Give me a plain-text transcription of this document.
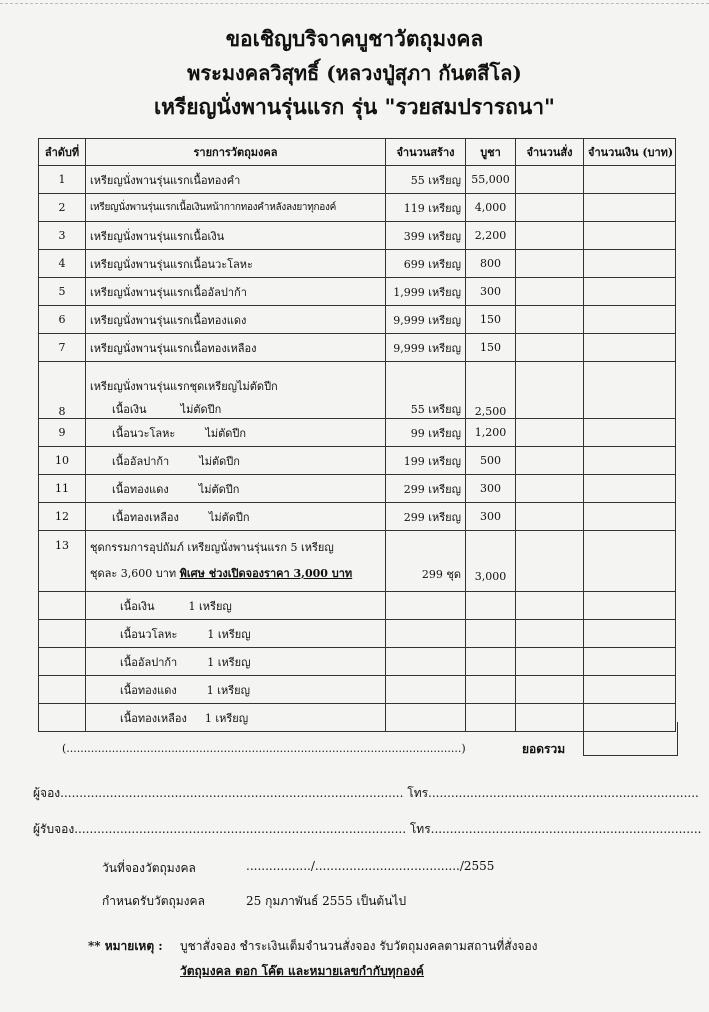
ขอเชิญบริจาคบูชาวัตถุมงคล
พระมงคลวิสุทธิ์ (หลวงปู่สุภา กันตสีโล)
เหรียญนั่งพานรุ่นแรก รุ่น "รวยสมปรารถนา"
ลำดับที่	รายการวัตถุมงคล	จำนวนสร้าง	บูชา	จำนวนสั่ง	จำนวนเงิน (บาท)
1	เหรียญนั่งพานรุ่นแรกเนื้อทองคำ	55 เหรียญ	55,000		
2	เหรียญนั่งพานรุ่นแรกเนื้อเงินหน้ากากทองคำหลังลงยาทุกองค์	119 เหรียญ	4,000		
3	เหรียญนั่งพานรุ่นแรกเนื้อเงิน	399 เหรียญ	2,200		
4	เหรียญนั่งพานรุ่นแรกเนื้อนวะโลหะ	699 เหรียญ	800		
5	เหรียญนั่งพานรุ่นแรกเนื้ออัลปาก้า	1,999 เหรียญ	300		
6	เหรียญนั่งพานรุ่นแรกเนื้อทองแดง	9,999 เหรียญ	150		
7	เหรียญนั่งพานรุ่นแรกเนื้อทองเหลือง	9,999 เหรียญ	150		
8	เหรียญนั่งพานรุ่นแรกชุดเหรียญไม่ตัดปีก
เนื้อเงิน ไม่ตัดปีก	55 เหรียญ	2,500		
9	เนื้อนวะโลหะ ไม่ตัดปีก	99 เหรียญ	1,200		
10	เนื้ออัลปาก้า ไม่ตัดปีก	199 เหรียญ	500		
11	เนื้อทองแดง ไม่ตัดปีก	299 เหรียญ	300		
12	เนื้อทองเหลือง ไม่ตัดปีก	299 เหรียญ	300		
13	ชุดกรรมการอุปถัมภ์ เหรียญนั่งพานรุ่นแรก 5 เหรียญ
ชุดละ 3,600 บาท พิเศษ ช่วงเปิดจองราคา 3,000 บาท	299 ชุด	3,000		
	เนื้อเงิน 1 เหรียญ				
	เนื้อนวโลหะ 1 เหรียญ				
	เนื้ออัลปาก้า 1 เหรียญ				
	เนื้อทองแดง 1 เหรียญ				
	เนื้อทองเหลือง 1 เหรียญ				
(.................................................................................................................)	ยอดรวม
ผู้จอง.......................................................................................... โทร.......................................................................
ผู้รับจอง....................................................................................... โทร.......................................................................
วันที่จองวัตถุมงคล	................./....................................../2555
กำหนดรับวัตถุมงคล	25 กุมภาพันธ์ 2555 เป็นต้นไป
** หมายเหตุ : บูชาสั่งจอง ชำระเงินเต็มจำนวนสั่งจอง รับวัตถุมงคลตามสถานที่สั่งจอง
วัตถุมงคล ตอก โค๊ต และหมายเลขกำกับทุกองค์
